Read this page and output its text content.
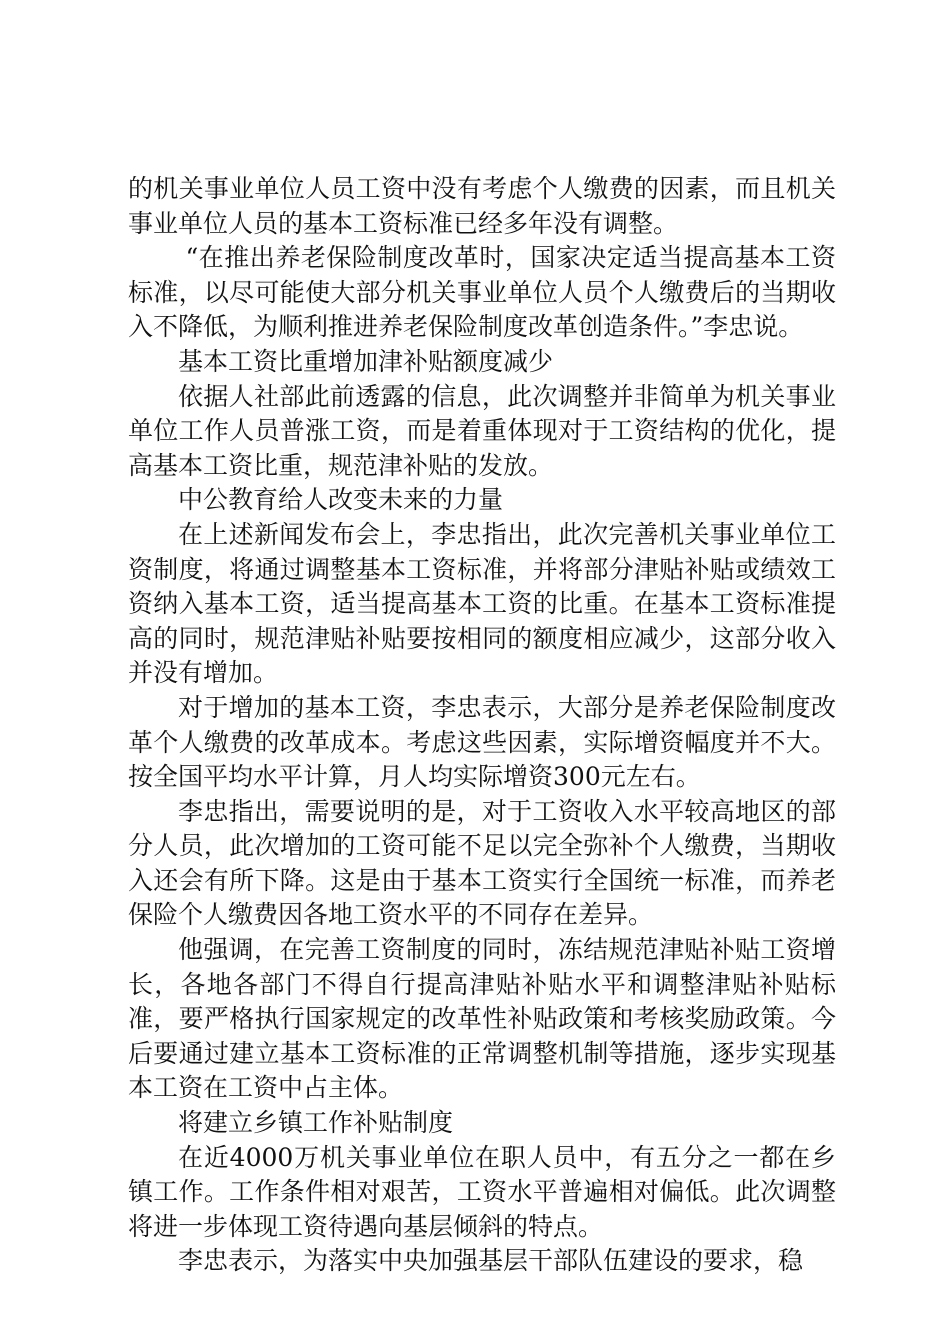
的机关事业单位人员工资中没有考虑个人缴费的因素，而且机关事业单位人员的基本工资标准已经多年没有调整。

“在推出养老保险制度改革时，国家决定适当提高基本工资标准，以尽可能使大部分机关事业单位人员个人缴费后的当期收入不降低，为顺利推进养老保险制度改革创造条件。”李忠说。

基本工资比重增加津补贴额度减少

依据人社部此前透露的信息，此次调整并非简单为机关事业单位工作人员普涨工资，而是着重体现对于工资结构的优化，提高基本工资比重，规范津补贴的发放。

中公教育给人改变未来的力量

在上述新闻发布会上，李忠指出，此次完善机关事业单位工资制度，将通过调整基本工资标准，并将部分津贴补贴或绩效工资纳入基本工资，适当提高基本工资的比重。在基本工资标准提高的同时，规范津贴补贴要按相同的额度相应减少，这部分收入并没有增加。

对于增加的基本工资，李忠表示，大部分是养老保险制度改革个人缴费的改革成本。考虑这些因素，实际增资幅度并不大。按全国平均水平计算，月人均实际增资300元左右。

李忠指出，需要说明的是，对于工资收入水平较高地区的部分人员，此次增加的工资可能不足以完全弥补个人缴费，当期收入还会有所下降。这是由于基本工资实行全国统一标准，而养老保险个人缴费因各地工资水平的不同存在差异。

他强调，在完善工资制度的同时，冻结规范津贴补贴工资增长，各地各部门不得自行提高津贴补贴水平和调整津贴补贴标准，要严格执行国家规定的改革性补贴政策和考核奖励政策。今后要通过建立基本工资标准的正常调整机制等措施，逐步实现基本工资在工资中占主体。

将建立乡镇工作补贴制度

在近4000万机关事业单位在职人员中，有五分之一都在乡镇工作。工作条件相对艰苦，工资水平普遍相对偏低。此次调整将进一步体现工资待遇向基层倾斜的特点。

李忠表示，为落实中央加强基层干部队伍建设的要求，稳
